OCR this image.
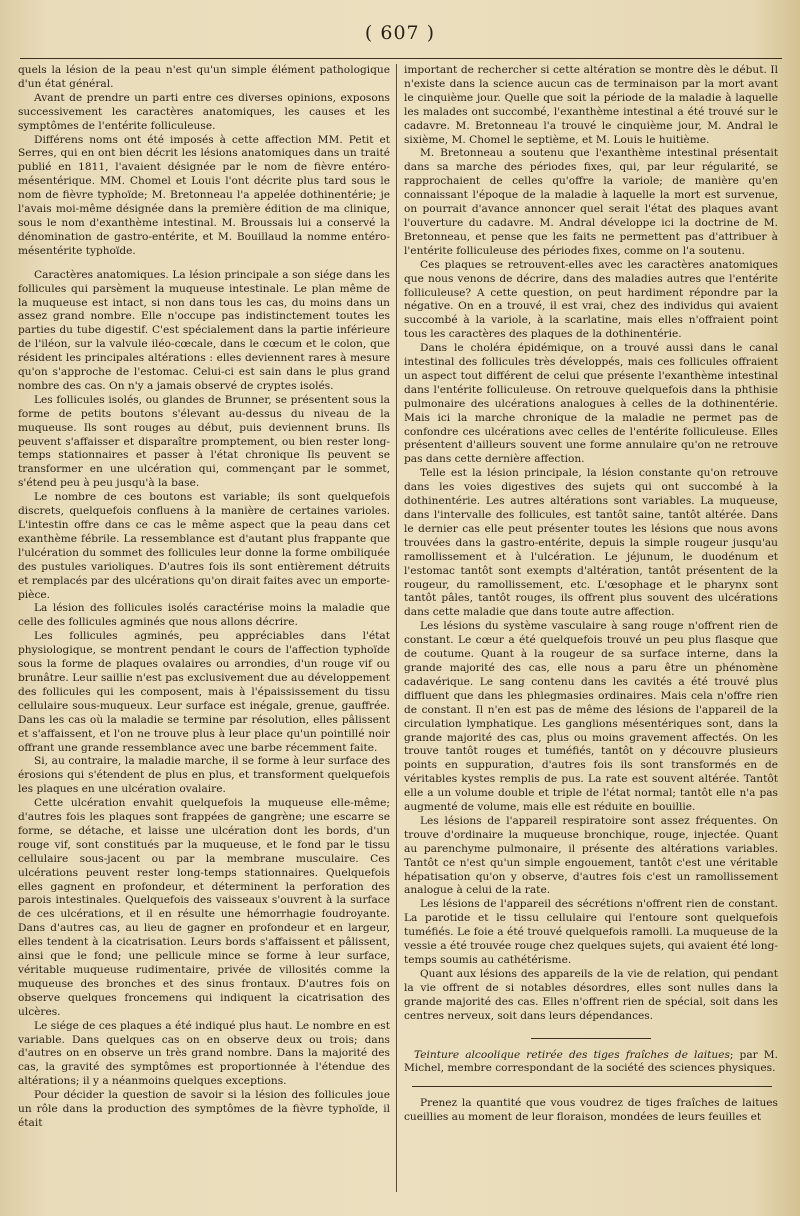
( 607 )

quels la lésion de la peau n'est qu'un simple élément pathologique d'un état général.

Avant de prendre un parti entre ces diverses opinions, exposons successivement les caractères anatomiques, les causes et les symptômes de l'entérite folliculeuse.

Différens noms ont été imposés à cette affection MM. Petit et Serres, qui en ont bien décrit les lésions anatomiques dans un traité publié en 1811, l'avaient désignée par le nom de fièvre entéro-mésentérique. MM. Chomel et Louis l'ont décrite plus tard sous le nom de fièvre typhoïde; M. Bretonneau l'a appelée dothinentérie; je l'avais moi-même désignée dans la première édition de ma clinique, sous le nom d'exanthème intestinal. M. Broussais lui a conservé la dénomination de gastro-entérite, et M. Bouillaud la nomme entéro-mésentérite typhoïde.

Caractères anatomiques. La lésion principale a son siége dans les follicules qui parsèment la muqueuse intestinale. Le plan même de la muqueuse est intact, si non dans tous les cas, du moins dans un assez grand nombre. Elle n'occupe pas indistinctement toutes les parties du tube digestif. C'est spécialement dans la partie inférieure de l'iléon, sur la valvule iléo-cœcale, dans le cœcum et le colon, que résident les principales altérations : elles deviennent rares à mesure qu'on s'approche de l'estomac. Celui-ci est sain dans le plus grand nombre des cas. On n'y a jamais observé de cryptes isolés.

Les follicules isolés, ou glandes de Brunner, se présentent sous la forme de petits boutons s'élevant au-dessus du niveau de la muqueuse. Ils sont rouges au début, puis deviennent bruns. Ils peuvent s'affaisser et disparaître promptement, ou bien rester long-temps stationnaires et passer à l'état chronique Ils peuvent se transformer en une ulcération qui, commençant par le sommet, s'étend peu à peu jusqu'à la base.

Le nombre de ces boutons est variable; ils sont quelquefois discrets, quelquefois confluens à la manière de certaines varioles. L'intestin offre dans ce cas le même aspect que la peau dans cet exanthème fébrile. La ressemblance est d'autant plus frappante que l'ulcération du sommet des follicules leur donne la forme ombiliquée des pustules varioliques. D'autres fois ils sont entièrement détruits et remplacés par des ulcérations qu'on dirait faites avec un emporte-pièce.

La lésion des follicules isolés caractérise moins la maladie que celle des follicules agminés que nous allons décrire.

Les follicules agminés, peu appréciables dans l'état physiologique, se montrent pendant le cours de l'affection typhoïde sous la forme de plaques ovalaires ou arrondies, d'un rouge vif ou brunâtre. Leur saillie n'est pas exclusivement due au développement des follicules qui les composent, mais à l'épaississement du tissu cellulaire sous-muqueux. Leur surface est inégale, grenue, gauffrée. Dans les cas où la maladie se termine par résolution, elles pâlissent et s'affaissent, et l'on ne trouve plus à leur place qu'un pointillé noir offrant une grande ressemblance avec une barbe récemment faite.

Si, au contraire, la maladie marche, il se forme à leur surface des érosions qui s'étendent de plus en plus, et transforment quelquefois les plaques en une ulcération ovalaire.

Cette ulcération envahit quelquefois la muqueuse elle-même; d'autres fois les plaques sont frappées de gangrène; une escarre se forme, se détache, et laisse une ulcération dont les bords, d'un rouge vif, sont constitués par la muqueuse, et le fond par le tissu cellulaire sous-jacent ou par la membrane musculaire. Ces ulcérations peuvent rester long-temps stationnaires. Quelquefois elles gagnent en profondeur, et déterminent la perforation des parois intestinales. Quelquefois des vaisseaux s'ouvrent à la surface de ces ulcérations, et il en résulte une hémorrhagie foudroyante. Dans d'autres cas, au lieu de gagner en profondeur et en largeur, elles tendent à la cicatrisation. Leurs bords s'affaissent et pâlissent, ainsi que le fond; une pellicule mince se forme à leur surface, véritable muqueuse rudimentaire, privée de villosités comme la muqueuse des bronches et des sinus frontaux. D'autres fois on observe quelques froncemens qui indiquent la cicatrisation des ulcères.

Le siége de ces plaques a été indiqué plus haut. Le nombre en est variable. Dans quelques cas on en observe deux ou trois; dans d'autres on en observe un très grand nombre. Dans la majorité des cas, la gravité des symptômes est proportionnée à l'étendue des altérations; il y a néanmoins quelques exceptions.

Pour décider la question de savoir si la lésion des follicules joue un rôle dans la production des symptômes de la fièvre typhoïde, il était

important de rechercher si cette altération se montre dès le début. Il n'existe dans la science aucun cas de terminaison par la mort avant le cinquième jour. Quelle que soit la période de la maladie à laquelle les malades ont succombé, l'exanthème intestinal a été trouvé sur le cadavre. M. Bretonneau l'a trouvé le cinquième jour, M. Andral le sixième, M. Chomel le septième, et M. Louis le huitième.

M. Bretonneau a soutenu que l'exanthème intestinal présentait dans sa marche des périodes fixes, qui, par leur régularité, se rapprochaient de celles qu'offre la variole; de manière qu'en connaissant l'époque de la maladie à laquelle la mort est survenue, on pourrait d'avance annoncer quel serait l'état des plaques avant l'ouverture du cadavre. M. Andral développe ici la doctrine de M. Bretonneau, et pense que les faits ne permettent pas d'attribuer à l'entérite folliculeuse des périodes fixes, comme on l'a soutenu.

Ces plaques se retrouvent-elles avec les caractères anatomiques que nous venons de décrire, dans des maladies autres que l'entérite folliculeuse? A cette question, on peut hardiment répondre par la négative. On en a trouvé, il est vrai, chez des individus qui avaient succombé à la variole, à la scarlatine, mais elles n'offraient point tous les caractères des plaques de la dothinentérie.

Dans le choléra épidémique, on a trouvé aussi dans le canal intestinal des follicules très développés, mais ces follicules offraient un aspect tout différent de celui que présente l'exanthème intestinal dans l'entérite folliculeuse. On retrouve quelquefois dans la phthisie pulmonaire des ulcérations analogues à celles de la dothinentérie. Mais ici la marche chronique de la maladie ne permet pas de confondre ces ulcérations avec celles de l'entérite folliculeuse. Elles présentent d'ailleurs souvent une forme annulaire qu'on ne retrouve pas dans cette dernière affection.

Telle est la lésion principale, la lésion constante qu'on retrouve dans les voies digestives des sujets qui ont succombé à la dothinentérie. Les autres altérations sont variables. La muqueuse, dans l'intervalle des follicules, est tantôt saine, tantôt altérée. Dans le dernier cas elle peut présenter toutes les lésions que nous avons trouvées dans la gastro-entérite, depuis la simple rougeur jusqu'au ramollissement et à l'ulcération. Le jéjunum, le duodénum et l'estomac tantôt sont exempts d'altération, tantôt présentent de la rougeur, du ramollissement, etc. L'œsophage et le pharynx sont tantôt pâles, tantôt rouges, ils offrent plus souvent des ulcérations dans cette maladie que dans toute autre affection.

Les lésions du système vasculaire à sang rouge n'offrent rien de constant. Le cœur a été quelquefois trouvé un peu plus flasque que de coutume. Quant à la rougeur de sa surface interne, dans la grande majorité des cas, elle nous a paru être un phénomène cadavérique. Le sang contenu dans les cavités a été trouvé plus diffluent que dans les phlegmasies ordinaires. Mais cela n'offre rien de constant. Il n'en est pas de même des lésions de l'appareil de la circulation lymphatique. Les ganglions mésentériques sont, dans la grande majorité des cas, plus ou moins gravement affectés. On les trouve tantôt rouges et tuméfiés, tantôt on y découvre plusieurs points en suppuration, d'autres fois ils sont transformés en de véritables kystes remplis de pus. La rate est souvent altérée. Tantôt elle a un volume double et triple de l'état normal; tantôt elle n'a pas augmenté de volume, mais elle est réduite en bouillie.

Les lésions de l'appareil respiratoire sont assez fréquentes. On trouve d'ordinaire la muqueuse bronchique, rouge, injectée. Quant au parenchyme pulmonaire, il présente des altérations variables. Tantôt ce n'est qu'un simple engouement, tantôt c'est une véritable hépatisation qu'on y observe, d'autres fois c'est un ramollissement analogue à celui de la rate.

Les lésions de l'appareil des sécrétions n'offrent rien de constant. La parotide et le tissu cellulaire qui l'entoure sont quelquefois tuméfiés. Le foie a été trouvé quelquefois ramolli. La muqueuse de la vessie a été trouvée rouge chez quelques sujets, qui avaient été long-temps soumis au cathétérisme.

Quant aux lésions des appareils de la vie de relation, qui pendant la vie offrent de si notables désordres, elles sont nulles dans la grande majorité des cas. Elles n'offrent rien de spécial, soit dans les centres nerveux, soit dans leurs dépendances.

Teinture alcoolique retirée des tiges fraîches de laitues; par M. Michel, membre correspondant de la société des sciences physiques.

Prenez la quantité que vous voudrez de tiges fraîches de laitues cueillies au moment de leur floraison, mondées de leurs feuilles et
